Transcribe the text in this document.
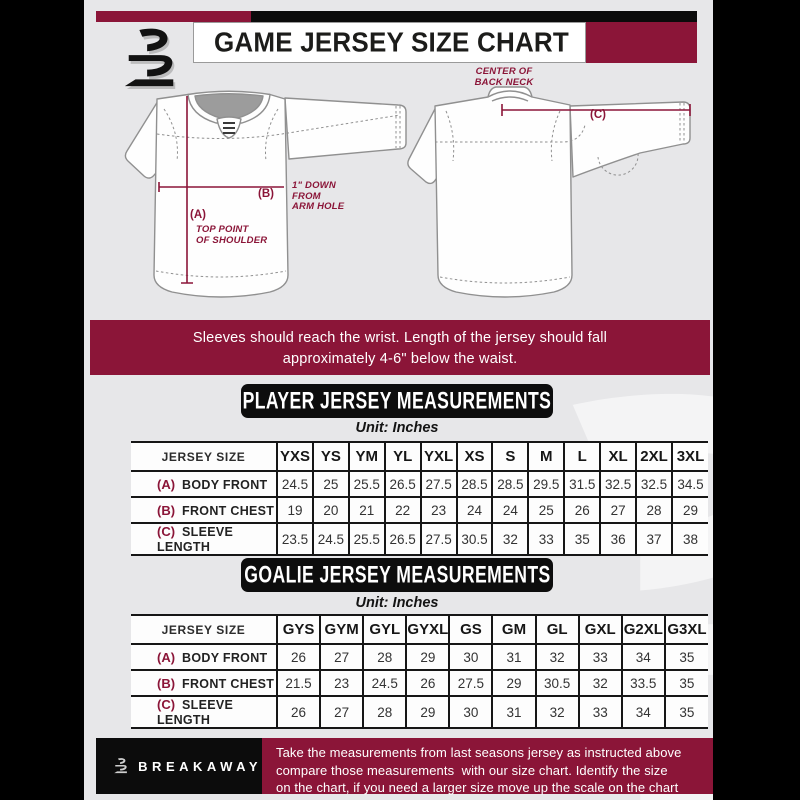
GAME JERSEY SIZE CHART
CENTER OF
BACK NECK
(C)
(B)
1" DOWN
FROM
ARM HOLE
(A)
TOP POINT
OF SHOULDER
Sleeves should reach the wrist. Length of the jersey should fall
approximately 4-6" below the waist.
PLAYER JERSEY MEASUREMENTS
Unit: Inches
JERSEY SIZE	YXS	YS	YM	YL	YXL	XS	S	M	L	XL	2XL	3XL
(A) BODY FRONT	24.5	25	25.5	26.5	27.5	28.5	28.5	29.5	31.5	32.5	32.5	34.5
(B) FRONT CHEST	19	20	21	22	23	24	24	25	26	27	28	29
(C) SLEEVE LENGTH	23.5	24.5	25.5	26.5	27.5	30.5	32	33	35	36	37	38
GOALIE JERSEY MEASUREMENTS
Unit: Inches
JERSEY SIZE	GYS	GYM	GYL	GYXL	GS	GM	GL	GXL	G2XL	G3XL
(A) BODY FRONT	26	27	28	29	30	31	32	33	34	35
(B) FRONT CHEST	21.5	23	24.5	26	27.5	29	30.5	32	33.5	35
(C) SLEEVE LENGTH	26	27	28	29	30	31	32	33	34	35
BREAKAWAY
Take the measurements from last seasons jersey as instructed above
compare those measurements  with our size chart. Identify the size
on the chart, if you need a larger size move up the scale on the chart
